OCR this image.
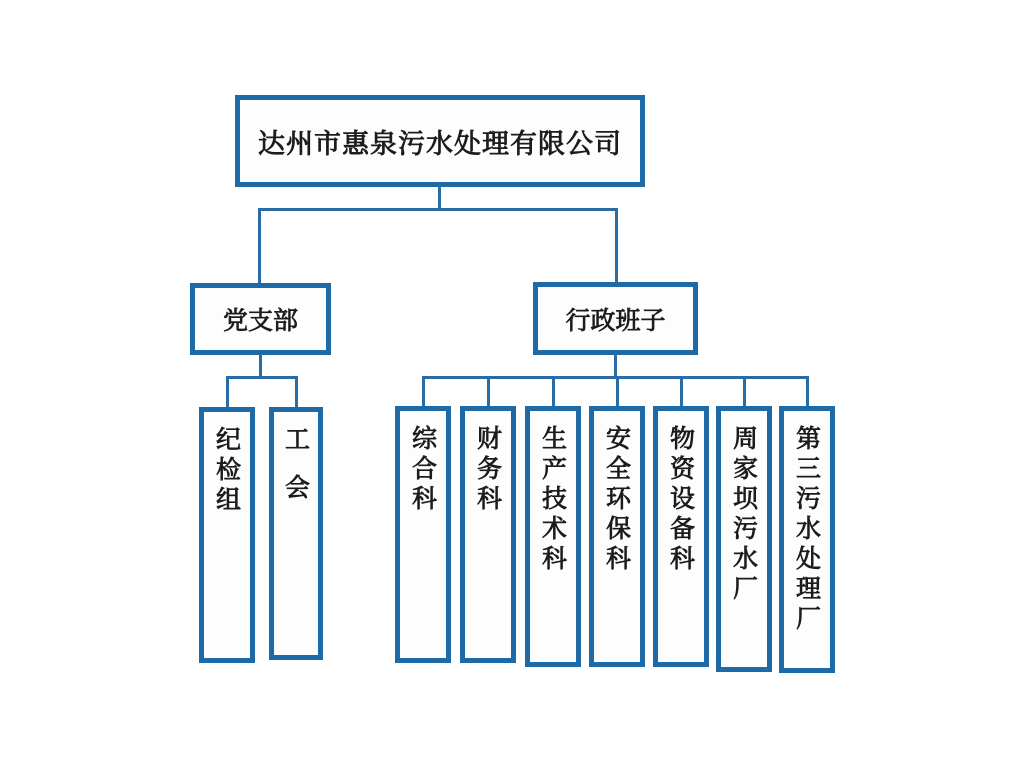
达州市惠泉污水处理有限公司
党支部	行政班子
纪检组 工会	综合科 财务科 生产技术科 安全环保科 物资设备科 周家坝污水厂 第三污水处理厂
